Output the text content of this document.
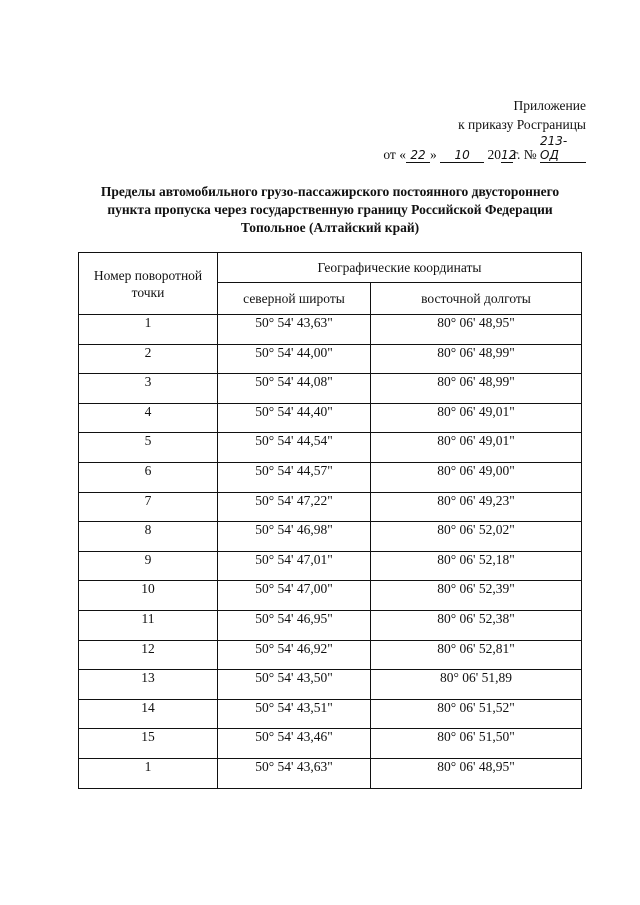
Приложение
к приказу Росграницы
от « 22 » 10 2012г. № 213-ОД
Пределы автомобильного грузо-пассажирского постоянного двустороннего
пункта пропуска через государственную границу Российской Федерации
Топольное (Алтайский край)
Номер поворотной точки	Географические координаты	
	северной широты	восточной долготы
1	50° 54' 43,63"	80° 06' 48,95"
2	50° 54' 44,00"	80° 06' 48,99"
3	50° 54' 44,08"	80° 06' 48,99"
4	50° 54' 44,40"	80° 06' 49,01"
5	50° 54' 44,54"	80° 06' 49,01"
6	50° 54' 44,57"	80° 06' 49,00"
7	50° 54' 47,22"	80° 06' 49,23"
8	50° 54' 46,98"	80° 06' 52,02"
9	50° 54' 47,01"	80° 06' 52,18"
10	50° 54' 47,00"	80° 06' 52,39"
11	50° 54' 46,95"	80° 06' 52,38"
12	50° 54' 46,92"	80° 06' 52,81"
13	50° 54' 43,50"	80° 06' 51,89
14	50° 54' 43,51"	80° 06' 51,52"
15	50° 54' 43,46"	80° 06' 51,50"
1	50° 54' 43,63"	80° 06' 48,95"
